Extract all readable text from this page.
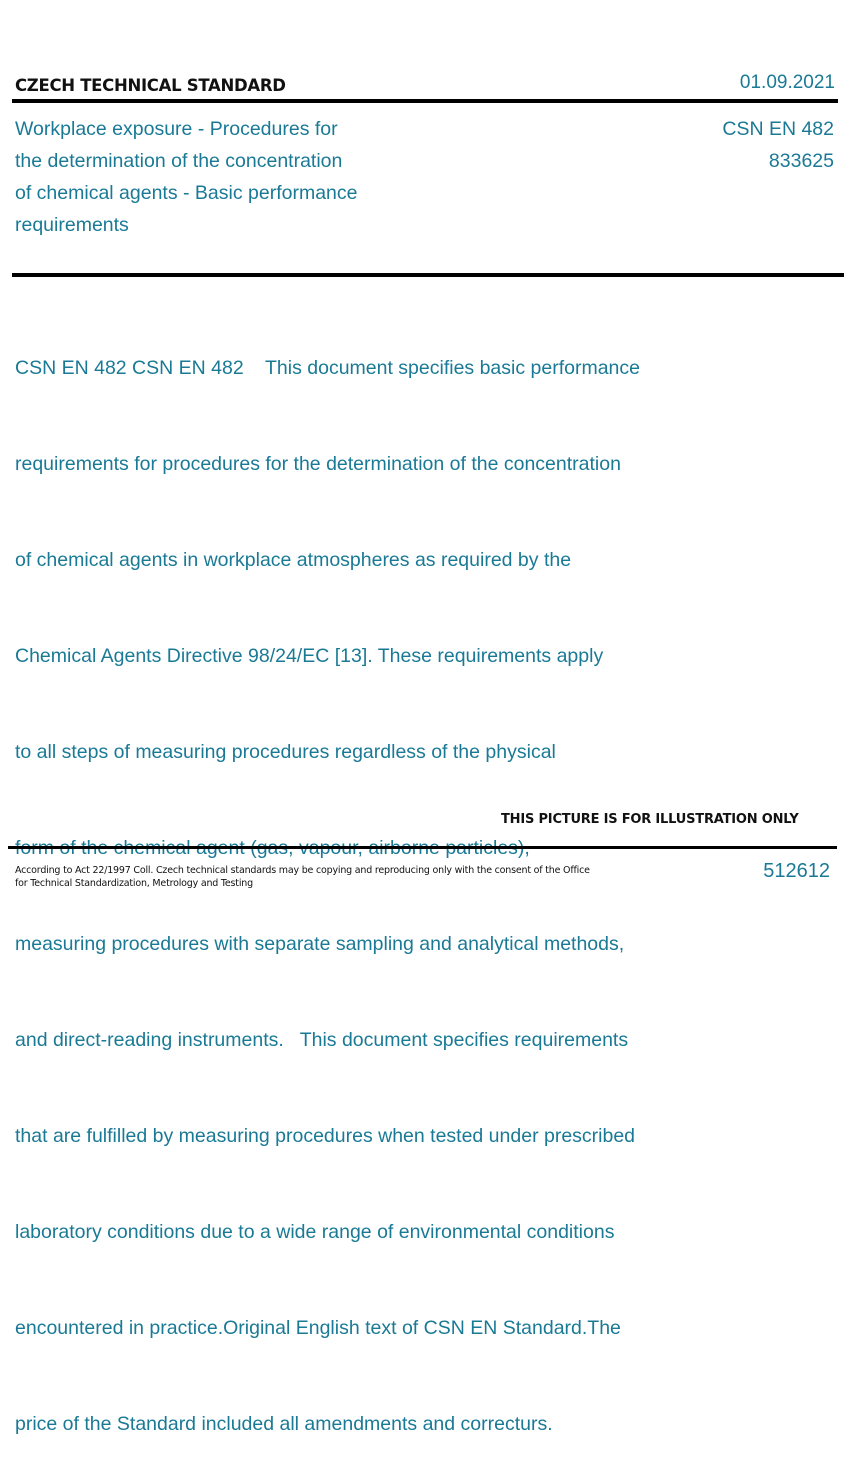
CZECH TECHNICAL STANDARD	01.09.2021
Workplace exposure - Procedures for
the determination of the concentration
of chemical agents - Basic performance
requirements
CSN EN 482
833625

CSN EN 482 CSN EN 482    This document specifies basic performance

requirements for procedures for the determination of the concentration

of chemical agents in workplace atmospheres as required by the

Chemical Agents Directive 98/24/EC [13]. These requirements apply

to all steps of measuring procedures regardless of the physical

measuring procedures with separate sampling and analytical methods,

and direct-reading instruments.   This document specifies requirements

that are fulfilled by measuring procedures when tested under prescribed

laboratory conditions due to a wide range of environmental conditions

encountered in practice.Original English text of CSN EN Standard.The

price of the Standard included all amendments and correcturs.

THIS PICTURE IS FOR ILLUSTRATION ONLY
According to Act 22/1997 Coll. Czech technical standards may be copying and reproducing only with the consent of the Office
for Technical Standardization, Metrology and Testing
512612
